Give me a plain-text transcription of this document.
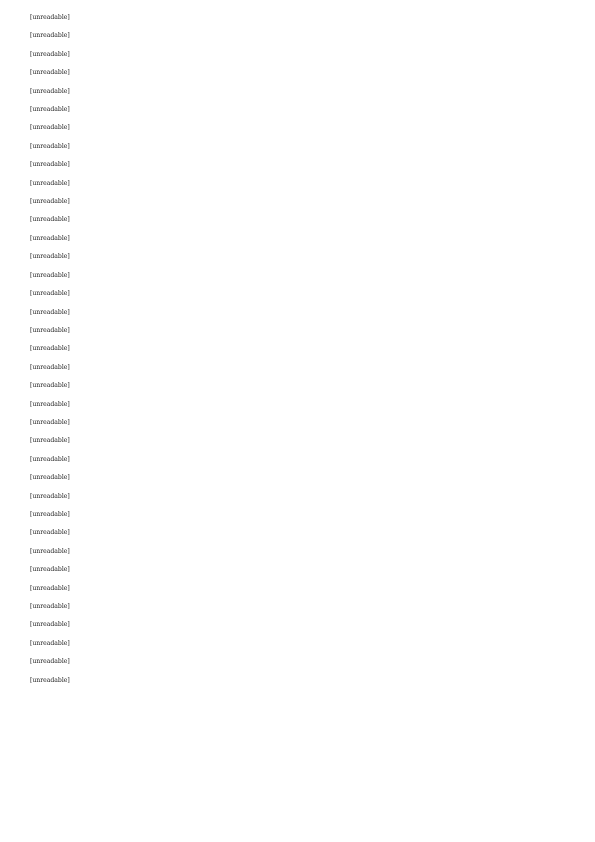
[unreadable]

[unreadable]

[unreadable]

[unreadable]

[unreadable]

[unreadable]

[unreadable]

[unreadable]

[unreadable]

[unreadable]

[unreadable]

[unreadable]

[unreadable]

[unreadable]

[unreadable]

[unreadable]

[unreadable]

[unreadable]

[unreadable]

[unreadable]

[unreadable]

[unreadable]

[unreadable]

[unreadable]

[unreadable]

[unreadable]

[unreadable]

[unreadable]

[unreadable]

[unreadable]

[unreadable]

[unreadable]

[unreadable]

[unreadable]

[unreadable]

[unreadable]

[unreadable]
